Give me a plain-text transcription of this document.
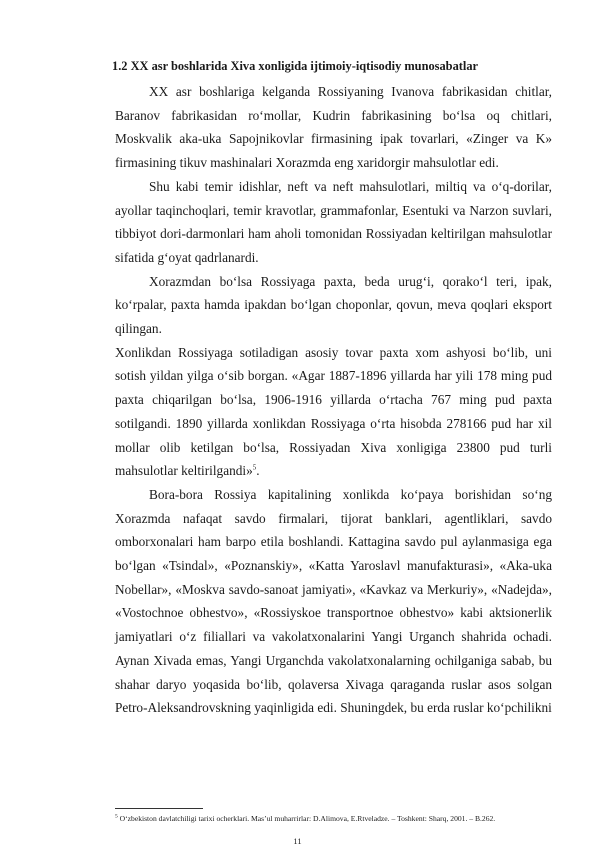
1.2 XX asr boshlarida Xiva xonligida ijtimoiy-iqtisodiy munosabatlar

XX asr boshlariga kelganda Rossiyaning Ivanova fabrikasidan chitlar, Baranov fabrikasidan ro‘mollar, Kudrin fabrikasining bo‘lsa oq chitlari, Moskvalik aka-uka Sapojnikovlar firmasining ipak tovarlari, «Zinger va K» firmasining tikuv mashinalari Xorazmda eng xaridorgir mahsulotlar edi.

Shu kabi temir idishlar, neft va neft mahsulotlari, miltiq va o‘q-dorilar, ayollar taqinchoqlari, temir kravotlar, grammafonlar, Esentuki va Narzon suvlari, tibbiyot dori-darmonlari ham aholi tomonidan Rossiyadan keltirilgan mahsulotlar sifatida g‘oyat qadrlanardi.

Xorazmdan bo‘lsa Rossiyaga paxta, beda urug‘i, qorako‘l teri, ipak, ko‘rpalar, paxta hamda ipakdan bo‘lgan choponlar, qovun, meva qoqlari eksport qilingan.

Xonlikdan Rossiyaga sotiladigan asosiy tovar paxta xom ashyosi bo‘lib, uni sotish yildan yilga o‘sib borgan. «Agar 1887-1896 yillarda har yili 178 ming pud paxta chiqarilgan bo‘lsa, 1906-1916 yillarda o‘rtacha 767 ming pud paxta sotilgandi. 1890 yillarda xonlikdan Rossiyaga o‘rta hisobda 278166 pud har xil mollar olib ketilgan bo‘lsa, Rossiyadan Xiva xonligiga 23800 pud turli mahsulotlar keltirilgandi»$^5$.

Bora-bora Rossiya kapitalining xonlikda ko‘paya borishidan so‘ng Xorazmda nafaqat savdo firmalari, tijorat banklari, agentliklari, savdo omborxonalari ham barpo etila boshlandi. Kattagina savdo pul aylanmasiga ega bo‘lgan «Tsindal», «Poznanskiy», «Katta Yaroslavl manufakturasi», «Aka-uka Nobellar», «Moskva savdo-sanoat jamiyati», «Kavkaz va Merkuriy», «Nadejda», «Vostochnoe obhestvo», «Rossiyskoe transportnoe obhestvo» kabi aktsionerlik jamiyatlari o‘z filiallari va vakolatxonalarini Yangi Urganch shahrida ochadi. Aynan Xivada emas, Yangi Urganchda vakolatxonalarning ochilganiga sabab, bu shahar daryo yoqasida bo‘lib, qolaversa Xivaga qaraganda ruslar asos solgan Petro-Aleksandrovskning yaqinligida edi. Shuningdek, bu erda ruslar ko‘pchilikni

$^5$ O‘zbekiston davlatchiligi tarixi ocherklari. Mas’ul muharrirlar: D.Alimova, E.Rtveladze. – Toshkent: Sharq, 2001. – B.262.
11
